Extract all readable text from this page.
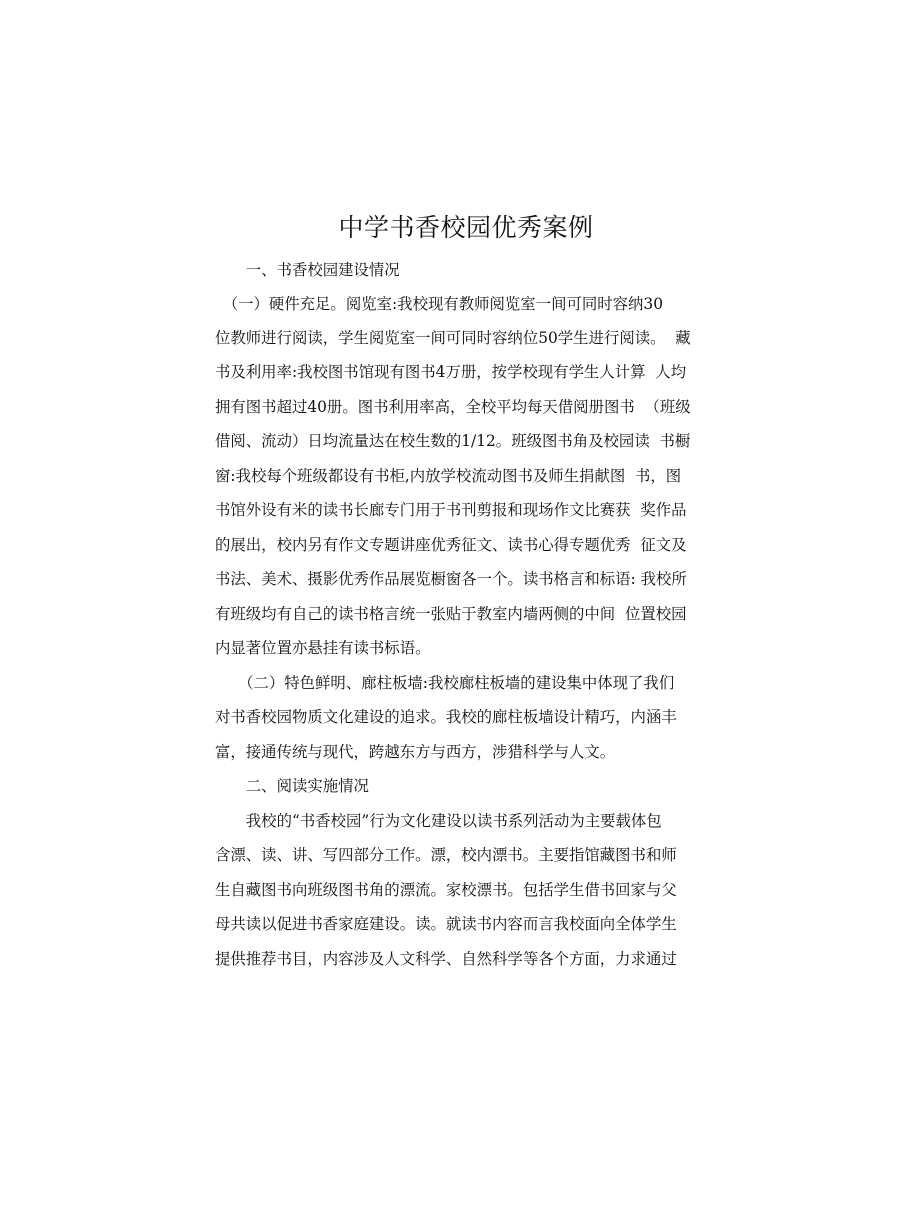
中学书香校园优秀案例
　　一、书香校园建设情况
　（一）硬件充足。阅览室:我校现有教师阅览室一间可同时容纳30
位教师进行阅读，学生阅览室一间可同时容纳位50学生进行阅读。  藏
书及利用率:我校图书馆现有图书4万册，按学校现有学生人计算  人均
拥有图书超过40册。图书利用率高，全校平均每天借阅册图书  （班级
借阅、流动）日均流量达在校生数的1/12。班级图书角及校园读  书橱
窗:我校每个班级都设有书柜,内放学校流动图书及师生捐献图  书，图
书馆外设有米的读书长廊专门用于书刊剪报和现场作文比赛获  奖作品
的展出，校内另有作文专题讲座优秀征文、读书心得专题优秀  征文及
书法、美术、摄影优秀作品展览橱窗各一个。读书格言和标语: 我校所
有班级均有自己的读书格言统一张贴于教室内墙两侧的中间  位置校园
内显著位置亦悬挂有读书标语。
　　（二）特色鲜明、廊柱板墙:我校廊柱板墙的建设集中体现了我们
对书香校园物质文化建设的追求。我校的廊柱板墙设计精巧，内涵丰
富，接通传统与现代，跨越东方与西方，涉猎科学与人文。
　　二、阅读实施情况
　　我校的“书香校园”行为文化建设以读书系列活动为主要载体包
含漂、读、讲、写四部分工作。漂，校内漂书。主要指馆藏图书和师
生自藏图书向班级图书角的漂流。家校漂书。包括学生借书回家与父
母共读以促进书香家庭建设。读。就读书内容而言我校面向全体学生
提供推荐书目，内容涉及人文科学、自然科学等各个方面，力求通过
